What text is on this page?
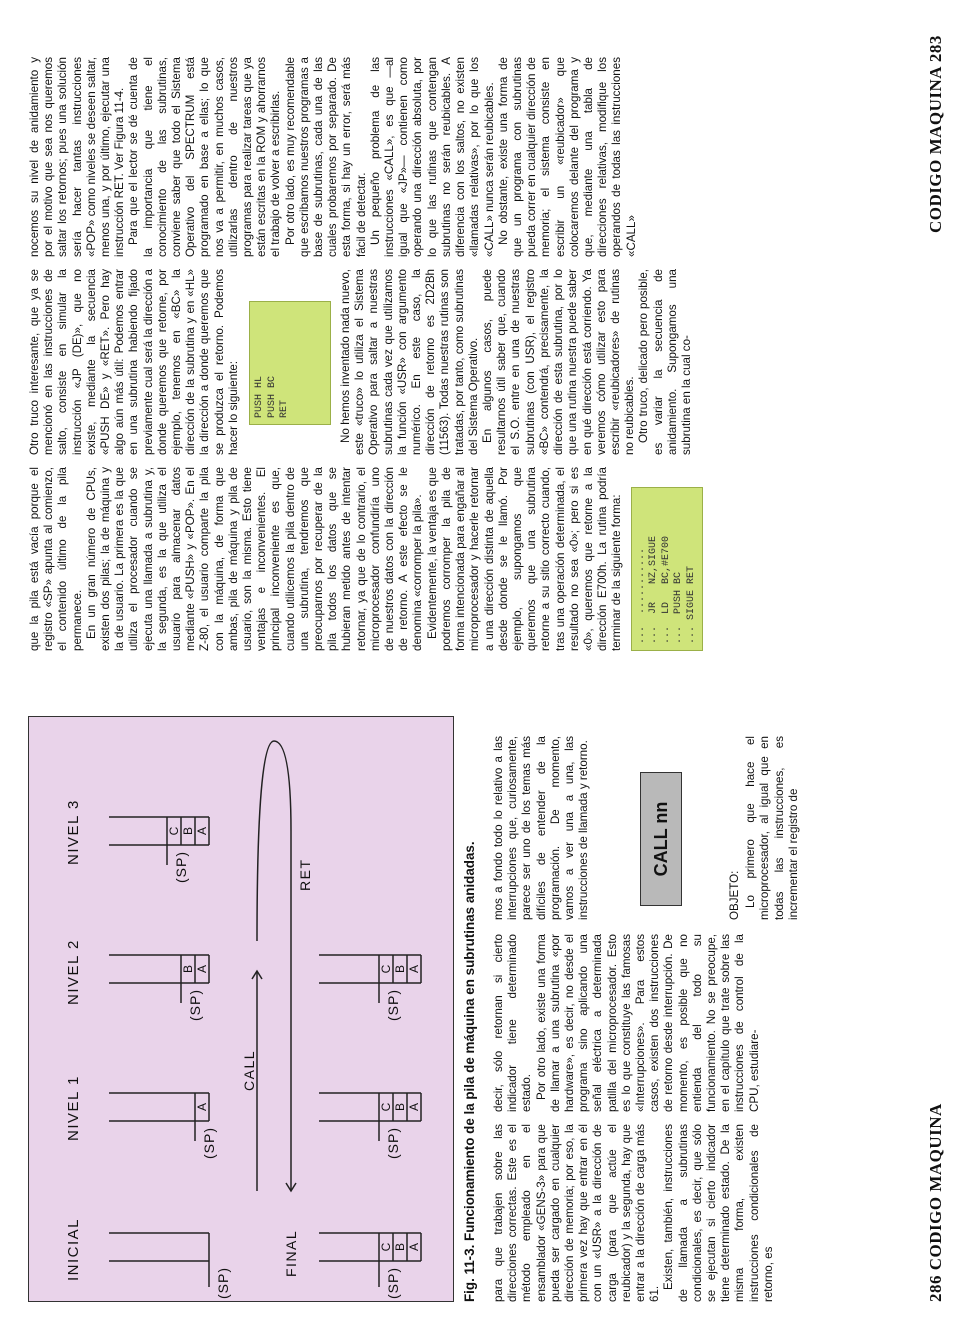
INICIAL
NIVEL 1
NIVEL 2
NIVEL 3
(SP)
(SP)
(SP)
(SP)
(SP)
(SP)
(SP)
A
A
B
A
B
C
A
B
C
A
B
C
A
B
C
CALL
FINAL
RET	Fig. 11-3. Funcionamiento de la pila de máquina en subrutinas anidadas. para que trabajen sobre las direcciones correctas. Este es el método empleado en el ensamblador «GENS-3» para que pueda ser cargado en cualquier dirección de memoria; por eso, la primera vez hay que entrar en él con un «USR» a la dirección de carga (para que actúe el reubicador) y la segunda, hay que entrar a la dirección de carga más 61.

Existen, también, instrucciones de llamada a subrutinas condicionales, es decir, que sólo se ejecutan si cierto indicador tiene determinado estado. De la misma forma, existen instrucciones condicionales de retorno, es

decir, sólo retornan si cierto indicador tiene determinado estado. Por otro lado, existe una forma de llamar a una subrutina «por hardware», es decir, no desde el programa sino aplicando una señal eléctrica a determinada patilla del microprocesador. Esto es lo que constituye las famosas «Interrupciones». Para estos casos, existen dos instrucciones de retorno desde interrupción. De momento, es posible que no entienda del todo su funcionamiento. No se preocupe, en el capítulo que trate sobre las instrucciones de control de la CPU, estudiare-

mos a fondo todo lo relativo a las interrupciones que, curiosamente, parece ser uno de los temas más difíciles de entender de la programación. De momento, vamos a ver una a una, las instrucciones de llamada y retorno.	CALL nn
OBJETO: Lo primero que hace el microprocesador, al igual que en todas las instrucciones, es incrementar el registro de

286 CODIGO MAQUINA

que la pila está vacía porque el registro «SP» apunta al comienzo, el contenido último de la pila permanece. En un gran número de CPUs, existen dos pilas; la de máquina y la de usuario. La primera es la que utiliza el procesador cuando se ejecuta una llamada a subrutina y, la segunda, es la que utiliza el usuario para almacenar datos mediante «PUSH» y «POP». En el Z-80, el usuario comparte la pila con la máquina, de forma que ambas, pila de máquina y pila de usuario, son la misma. Esto tiene ventajas e inconvenientes. El principal inconveniente es que, cuando utilicemos la pila dentro de una subrutina, tendremos que preocuparnos por recuperar de la pila todos los datos que se hubieran metido antes de intentar retornar, ya que de lo contrario, el microprocesador confundiría uno de nuestros datos con la dirección de retorno. A este efecto se le denomina «corromper la pila». Evidentemente, la ventaja es que podremos corromper la pila de forma intencionada para engañar al microprocesador y hacerle retornar a una dirección distinta de aquella desde donde se le llamó. Por ejemplo, supongamos que queremos que una subrutina retorne a su sitio correcto cuando, tras una operación determinada, el resultado no sea «0»; pero si es «0», queremos que retorne a la dirección E700h. La rutina podría terminar de la siguiente forma: ...  ........... ...  JR   NZ,SIGUE ...  LD   BC,#E700 ...  PUSH BC ... SIGUE RET

Otro truco interesante, que ya se mencionó en las instrucciones de salto, consiste en simular la instrucción «JP (DE)», que no existe, mediante la secuencia «PUSH DE» y «RET». Pero hay algo aún más útil: Podemos entrar en una subrutina habiendo fijado previamente cual será la dirección a donde queremos que retorne, por ejemplo, tenemos en «BC» la dirección de la subrutina y en «HL» la dirección a donde queremos que se produzca el retorno. Podemos hacer lo siguiente: PUSH HL PUSH BC RET	No hemos inventado nada nuevo, este «truco» lo utiliza el Sistema Operativo para saltar a nuestras subrutinas cada vez que utilizamos la función «USR» con argumento numérico. En este caso, la dirección de retorno es 2D2Bh (11563). Todas nuestras rutinas son tratadas, por tanto, como subrutinas del Sistema Operativo. En algunos casos, puede resultarnos útil saber que, cuando el S.O. entre en una de nuestras subrutinas (con USR), el registro «BC» contendrá, precisamente, la dirección de esta subrutina, por lo que una rutina nuestra puede saber en qué dirección está corriendo. Ya veremos cómo utilizar esto para escribir «reubicadores» de rutinas no reubicables. Otro truco, delicado pero posible, es variar la secuencia de anidamiento. Supongamos una subrutina en la cual co-

nocemos su nivel de anidamiento y por el motivo que sea nos queremos saltar los retornos; pues una solución sería hacer tantas instrucciones «POP» como niveles se deseen saltar, menos una, y por último, ejecutar una instrucción RET. Ver Figura 11-4. Para que el lector se dé cuenta de la importancia que tiene el conocimiento de las subrutinas, conviene saber que todo el Sistema Operativo del SPECTRUM está programado en base a ellas; lo que nos va a permitir, en muchos casos, utilizarlas dentro de nuestros programas para realizar tareas que ya están escritas en la ROM y ahorrarnos el trabajo de volver a escribirlas. Por otro lado, es muy recomendable que escribamos nuestros programas a base de subrutinas, cada una de las cuales probaremos por separado. De esta forma, si hay un error, será más fácil de detectar. Un pequeño problema de las instrucciones «CALL», es que —al igual que «JP»— contienen como operando una dirección absoluta, por lo que las rutinas que contengan subrutinas no serán reubicables. A diferencia con los saltos, no existen «llamadas relativas», por lo que los «CALL» nunca serán reubicables. No obstante, existe una forma de que un programa con subrutinas pueda correr en cualquier dirección de memoria; el sistema consiste en escribir un «reubicador» que colocaremos delante del programa y que, mediante una tabla de direcciones relativas, modifique los operandos de todas las instrucciones «CALL»

CODIGO MAQUINA 283
